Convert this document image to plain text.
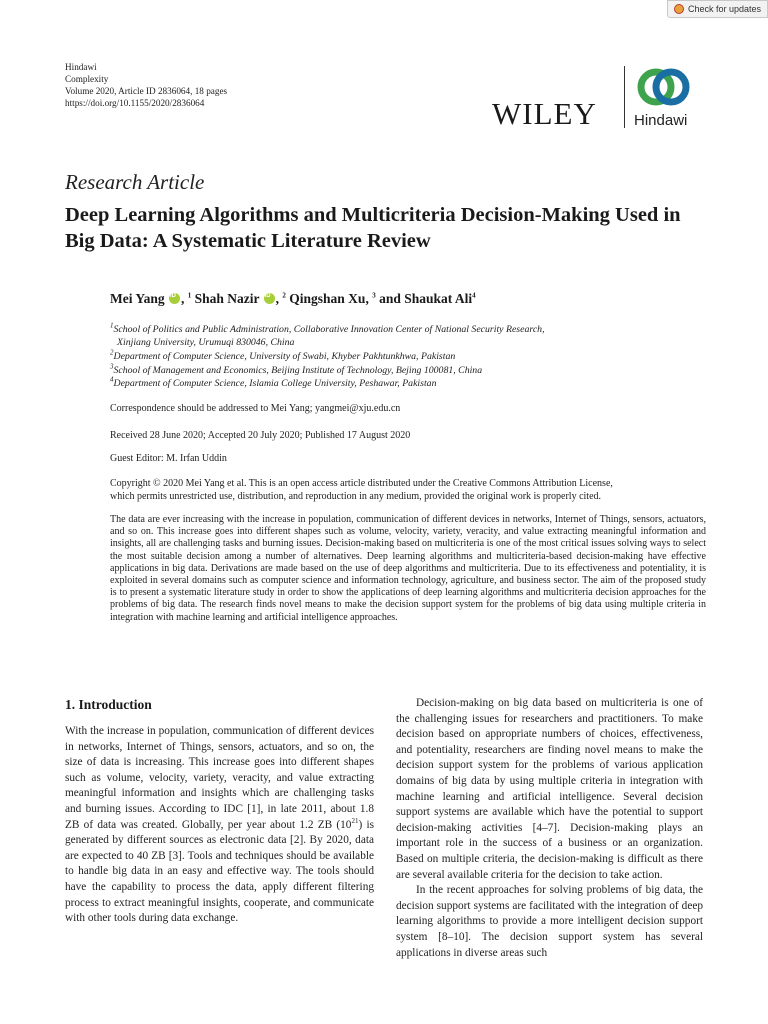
Check for updates
Hindawi
Complexity
Volume 2020, Article ID 2836064, 18 pages
https://doi.org/10.1155/2020/2836064	WILEY Hindawi
Research Article
Deep Learning Algorithms and Multicriteria Decision-Making Used in Big Data: A Systematic Literature Review
Mei Yang iD , $^1$ Shah Nazir iD , $^2$ Qingshan Xu, $^3$ and Shaukat Ali$^4$
$^1$School of Politics and Public Administration, Collaborative Innovation Center of National Security Research,
Xinjiang University, Urumuqi 830046, China
$^2$Department of Computer Science, University of Swabi, Khyber Pakhtunkhwa, Pakistan
$^3$School of Management and Economics, Beijing Institute of Technology, Bejing 100081, China
$^4$Department of Computer Science, Islamia College University, Peshawar, Pakistan
Correspondence should be addressed to Mei Yang; yangmei@xju.edu.cn
Received 28 June 2020; Accepted 20 July 2020; Published 17 August 2020
Guest Editor: M. Irfan Uddin
Copyright © 2020 Mei Yang et al. This is an open access article distributed under the Creative Commons Attribution License,
which permits unrestricted use, distribution, and reproduction in any medium, provided the original work is properly cited.

The data are ever increasing with the increase in population, communication of different devices in networks, Internet of Things, sensors, actuators, and so on. This increase goes into different shapes such as volume, velocity, variety, veracity, and value extracting meaningful information and insights, all are challenging tasks and burning issues. Decision-making based on multicriteria is one of the most critical issues solving ways to select the most suitable decision among a number of alternatives. Deep learning algorithms and multicriteria-based decision-making have effective applications in big data. Derivations are made based on the use of deep algorithms and multicriteria. Due to its effectiveness and potentiality, it is exploited in several domains such as computer science and information technology, agriculture, and business sector. The aim of the proposed study is to present a systematic literature study in order to show the applications of deep learning algorithms and multicriteria decision approaches for the problems of big data. The research finds novel means to make the decision support system for the problems of big data using multiple criteria in integration with machine learning and artificial intelligence approaches.

1. Introduction

With the increase in population, communication of different devices in networks, Internet of Things, sensors, actuators, and so on, the size of data is increasing. This increase goes into different shapes such as volume, velocity, variety, veracity, and value extracting meaningful information and insights which are challenging tasks and burning issues. According to IDC [1], in late 2011, about 1.8 ZB of data was created. Globally, per year about 1.2 ZB $(10^{21})$ is generated by different sources as electronic data [2]. By 2020, data are expected to 40 ZB [3]. Tools and techniques should be available to handle big data in an easy and effective way. The tools should have the capability to process the data, apply different filtering process to extract meaningful insights, cooperate, and communicate with other tools during data exchange.

Decision-making on big data based on multicriteria is one of the challenging issues for researchers and practitioners. To make decision based on appropriate numbers of choices, effectiveness, and potentiality, researchers are finding novel means to make the decision support system for the problems of various application domains of big data by using multiple criteria in integration with machine learning and artificial intelligence. Several decision support systems are available which have the potential to support decision-making activities [4–7]. Decision-making plays an important role in the success of a business or an organization. Based on multiple criteria, the decision-making is difficult as there are several available criteria for the decision to take action.

In the recent approaches for solving problems of big data, the decision support systems are facilitated with the integration of deep learning algorithms to provide a more intelligent decision support system [8–10]. The decision support system has several applications in diverse areas such
